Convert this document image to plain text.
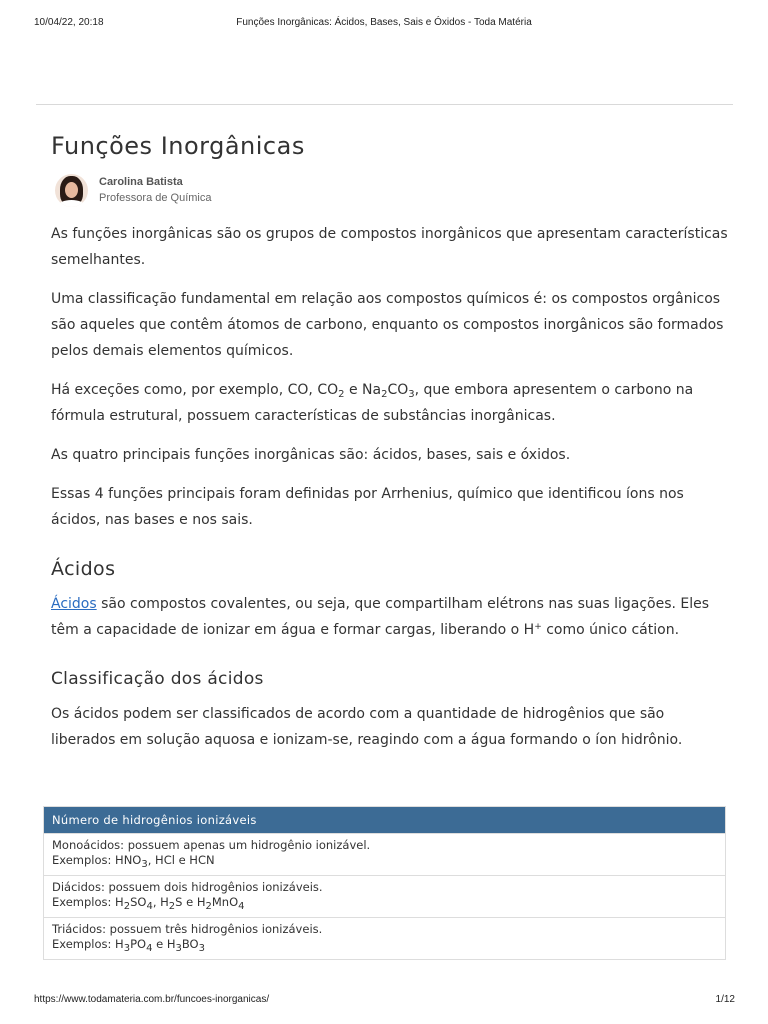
10/04/22, 20:18	Funções Inorgânicas: Ácidos, Bases, Sais e Óxidos - Toda Matéria
Funções Inorgânicas
Carolina Batista
Professora de Química

As funções inorgânicas são os grupos de compostos inorgânicos que apresentam características semelhantes.

Uma classificação fundamental em relação aos compostos químicos é: os compostos orgânicos são aqueles que contêm átomos de carbono, enquanto os compostos inorgânicos são formados pelos demais elementos químicos.

Há exceções como, por exemplo, CO, $CO_2$ e $Na_2CO_3$, que embora apresentem o carbono na fórmula estrutural, possuem características de substâncias inorgânicas.

As quatro principais funções inorgânicas são: ácidos, bases, sais e óxidos.

Essas 4 funções principais foram definidas por Arrhenius, químico que identificou íons nos ácidos, nas bases e nos sais.

Ácidos

Ácidos são compostos covalentes, ou seja, que compartilham elétrons nas suas ligações. Eles têm a capacidade de ionizar em água e formar cargas, liberando o H+ como único cátion.

Classificação dos ácidos

Os ácidos podem ser classificados de acordo com a quantidade de hidrogênios que são liberados em solução aquosa e ionizam-se, reagindo com a água formando o íon hidrônio.

Número de hidrogênios ionizáveis
Monoácidos: possuem apenas um hidrogênio ionizável.
Exemplos: $HNO_3$, HCl e HCN
Diácidos: possuem dois hidrogênios ionizáveis.
Exemplos: $H_2SO_4$, $H_2S$ e $H_2MnO_4$
Triácidos: possuem três hidrogênios ionizáveis.
Exemplos: $H_3PO_4$ e $H_3BO_3$
https://www.todamateria.com.br/funcoes-inorganicas/	1/12
